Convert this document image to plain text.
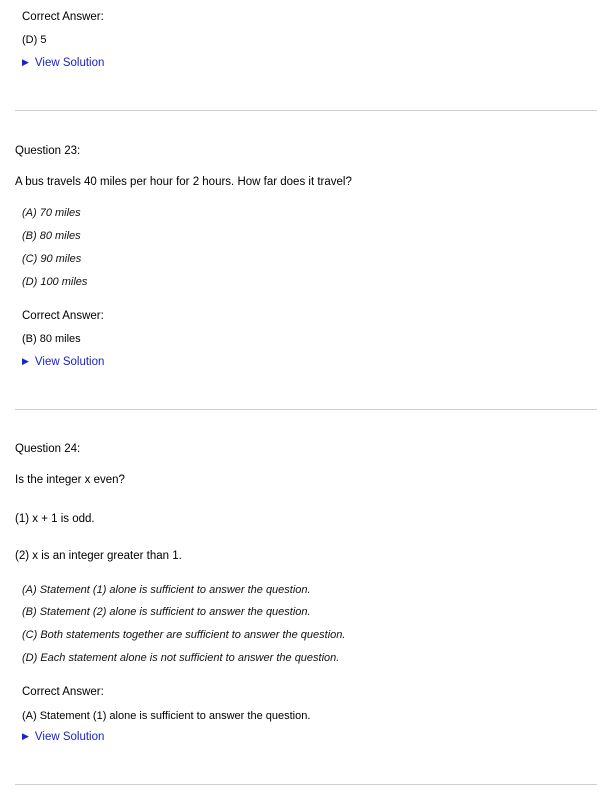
Correct Answer:
(D) 5
▶ View Solution
Question 23:
A bus travels 40 miles per hour for 2 hours. How far does it travel?
(A) 70 miles
(B) 80 miles
(C) 90 miles
(D) 100 miles
Correct Answer:
(B) 80 miles
▶ View Solution
Question 24:
Is the integer x even?
(1) x + 1 is odd.
(2) x is an integer greater than 1.
(A) Statement (1) alone is sufficient to answer the question.
(B) Statement (2) alone is sufficient to answer the question.
(C) Both statements together are sufficient to answer the question.
(D) Each statement alone is not sufficient to answer the question.
Correct Answer:
(A) Statement (1) alone is sufficient to answer the question.
▶ View Solution
